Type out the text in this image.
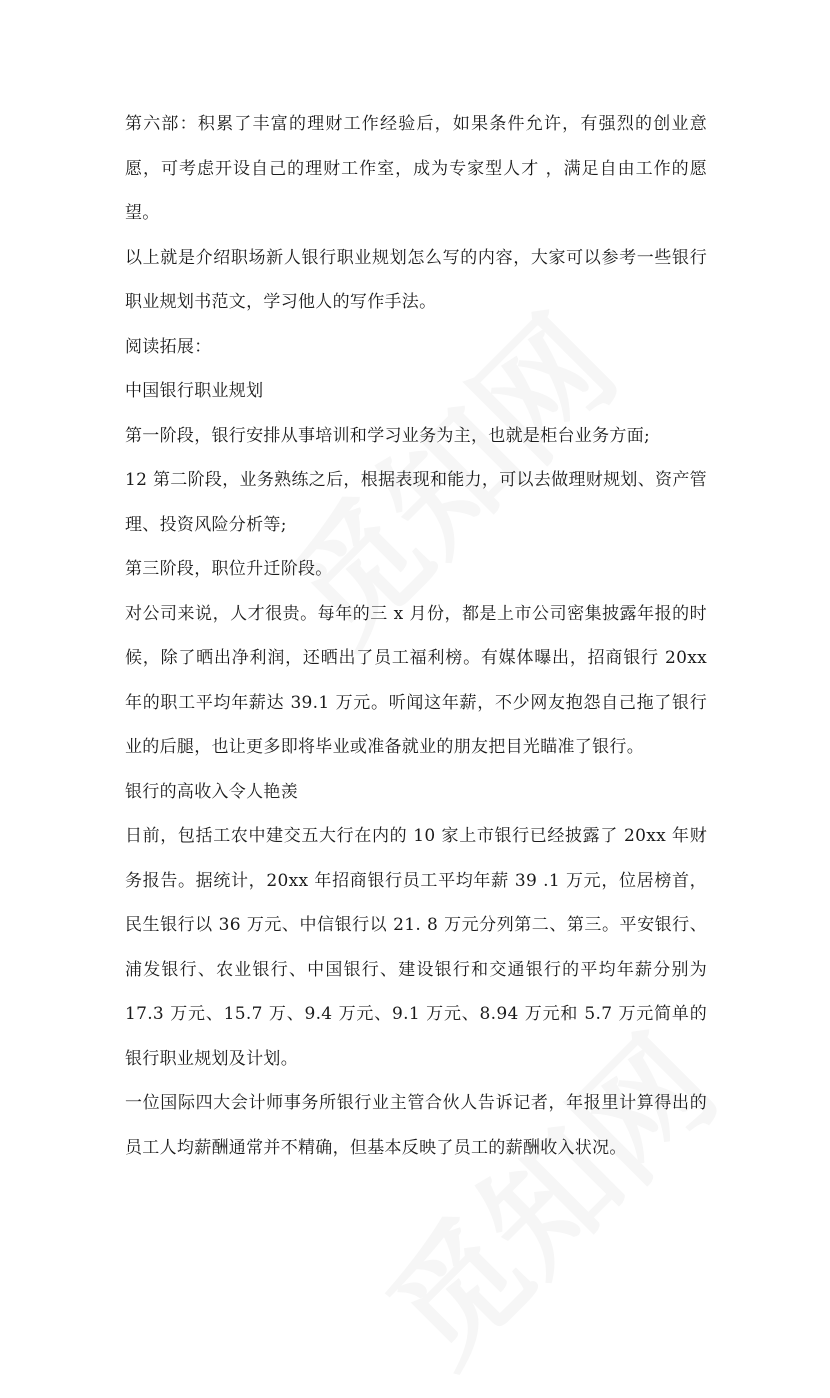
第六部：积累了丰富的理财工作经验后，如果条件允许，有强烈的创业意愿，可考虑开设自己的理财工作室，成为专家型人才 ，满足自由工作的愿望。

以上就是介绍职场新人银行职业规划怎么写的内容，大家可以参考一些银行职业规划书范文，学习他人的写作手法。

阅读拓展：

中国银行职业规划

第一阶段，银行安排从事培训和学习业务为主，也就是柜台业务方面;

12 第二阶段，业务熟练之后，根据表现和能力，可以去做理财规划、资产管理、投资风险分析等;

第三阶段，职位升迁阶段。

对公司来说，人才很贵。每年的三 x 月份，都是上市公司密集披露年报的时候，除了晒出净利润，还晒出了员工福利榜。有媒体曝出，招商银行 20xx 年的职工平均年薪达 39.1 万元。听闻这年薪，不少网友抱怨自己拖了银行业的后腿，也让更多即将毕业或准备就业的朋友把目光瞄准了银行。

银行的高收入令人艳羡

日前，包括工农中建交五大行在内的 10 家上市银行已经披露了 20xx 年财务报告。据统计，20xx 年招商银行员工平均年薪 39 .1 万元，位居榜首，民生银行以 36 万元、中信银行以 21. 8 万元分列第二、第三。平安银行、浦发银行、农业银行、中国银行、建设银行和交通银行的平均年薪分别为 17.3 万元、15.7 万、9.4 万元、9.1 万元、8.94 万元和 5.7 万元简单的银行职业规划及计划。

一位国际四大会计师事务所银行业主管合伙人告诉记者，年报里计算得出的员工人均薪酬通常并不精确，但基本反映了员工的薪酬收入状况。
